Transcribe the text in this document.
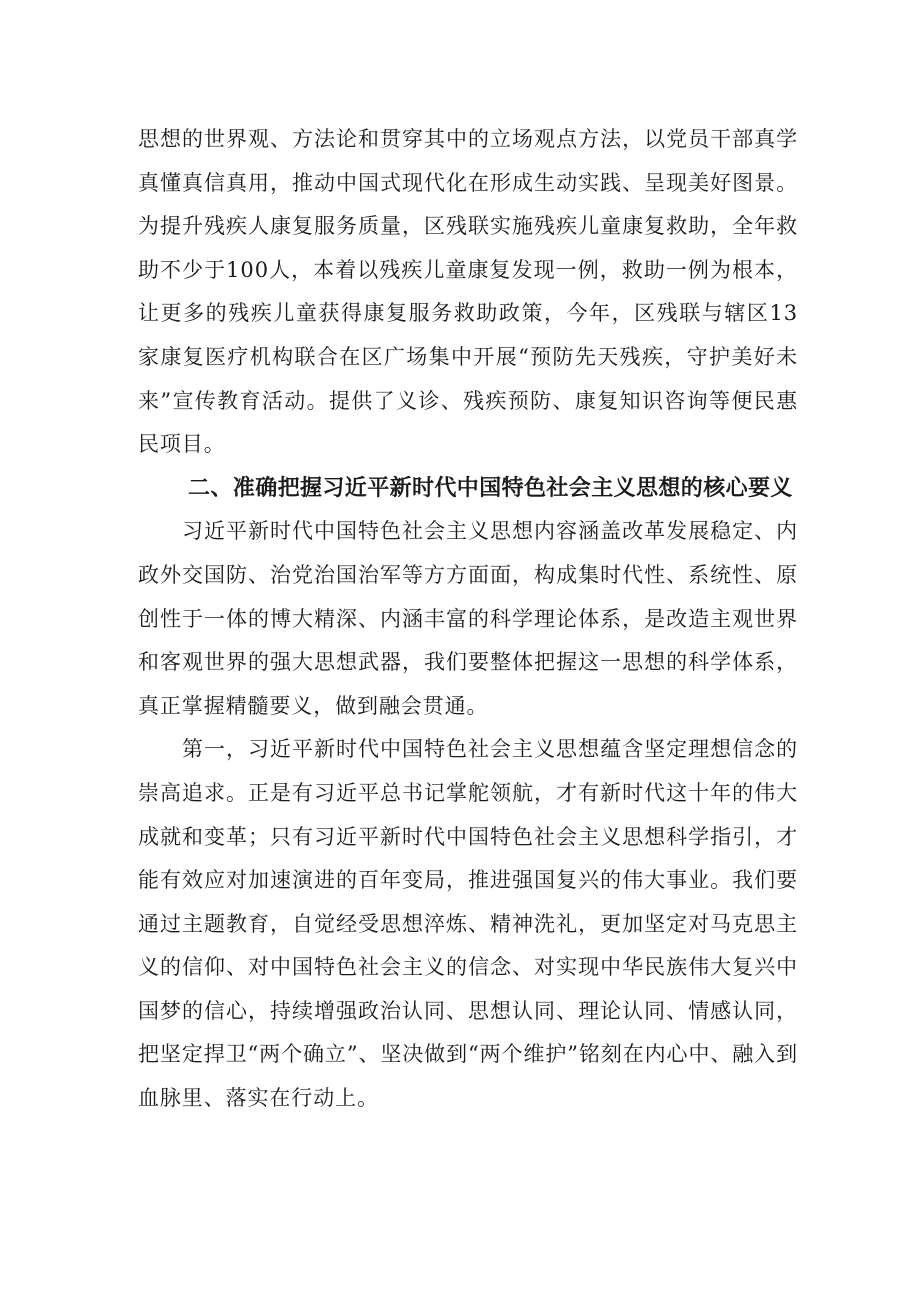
思想的世界观、方法论和贯穿其中的立场观点方法，以党员干部真学真懂真信真用，推动中国式现代化在形成生动实践、呈现美好图景。为提升残疾人康复服务质量，区残联实施残疾儿童康复救助，全年救助不少于100人，本着以残疾儿童康复发现一例，救助一例为根本，让更多的残疾儿童获得康复服务救助政策，今年，区残联与辖区13家康复医疗机构联合在区广场集中开展“预防先天残疾，守护美好未来”宣传教育活动。提供了义诊、残疾预防、康复知识咨询等便民惠民项目。

二、准确把握习近平新时代中国特色社会主义思想的核心要义

习近平新时代中国特色社会主义思想内容涵盖改革发展稳定、内政外交国防、治党治国治军等方方面面，构成集时代性、系统性、原创性于一体的博大精深、内涵丰富的科学理论体系，是改造主观世界和客观世界的强大思想武器，我们要整体把握这一思想的科学体系，真正掌握精髓要义，做到融会贯通。

第一，习近平新时代中国特色社会主义思想蕴含坚定理想信念的崇高追求。正是有习近平总书记掌舵领航，才有新时代这十年的伟大成就和变革；只有习近平新时代中国特色社会主义思想科学指引，才能有效应对加速演进的百年变局，推进强国复兴的伟大事业。我们要通过主题教育，自觉经受思想淬炼、精神洗礼，更加坚定对马克思主义的信仰、对中国特色社会主义的信念、对实现中华民族伟大复兴中国梦的信心，持续增强政治认同、思想认同、理论认同、情感认同，把坚定捍卫“两个确立”、坚决做到“两个维护”铭刻在内心中、融入到血脉里、落实在行动上。
